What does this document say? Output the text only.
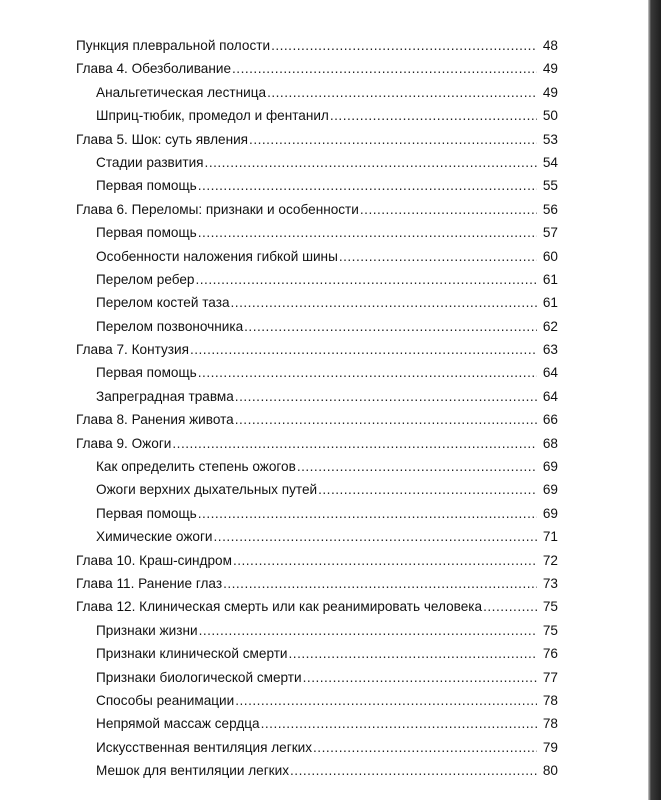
Пункция плевральной полости .....	48
Глава 4. Обезболивание .....	49
Анальгетическая лестница .....	49
Шприц-тюбик, промедол и фентанил .....	50
Глава 5. Шок: суть явления .....	53
Стадии развития .....	54
Первая помощь .....	55
Глава 6. Переломы: признаки и особенности .....	56
Первая помощь .....	57
Особенности наложения гибкой шины .....	60
Перелом ребер .....	61
Перелом костей таза .....	61
Перелом позвоночника .....	62
Глава 7. Контузия .....	63
Первая помощь .....	64
Запреградная травма .....	64
Глава 8. Ранения живота .....	66
Глава 9. Ожоги .....	68
Как определить степень ожогов .....	69
Ожоги верхних дыхательных путей .....	69
Первая помощь .....	69
Химические ожоги .....	71
Глава 10. Краш-синдром .....	72
Глава 11. Ранение глаз .....	73
Глава 12. Клиническая смерть или как реанимировать человека .....	75
Признаки жизни .....	75
Признаки клинической смерти .....	76
Признаки биологической смерти .....	77
Способы реанимации .....	78
Непрямой массаж сердца .....	78
Искусственная вентиляция легких .....	79
Мешок для вентиляции легких .....	80
